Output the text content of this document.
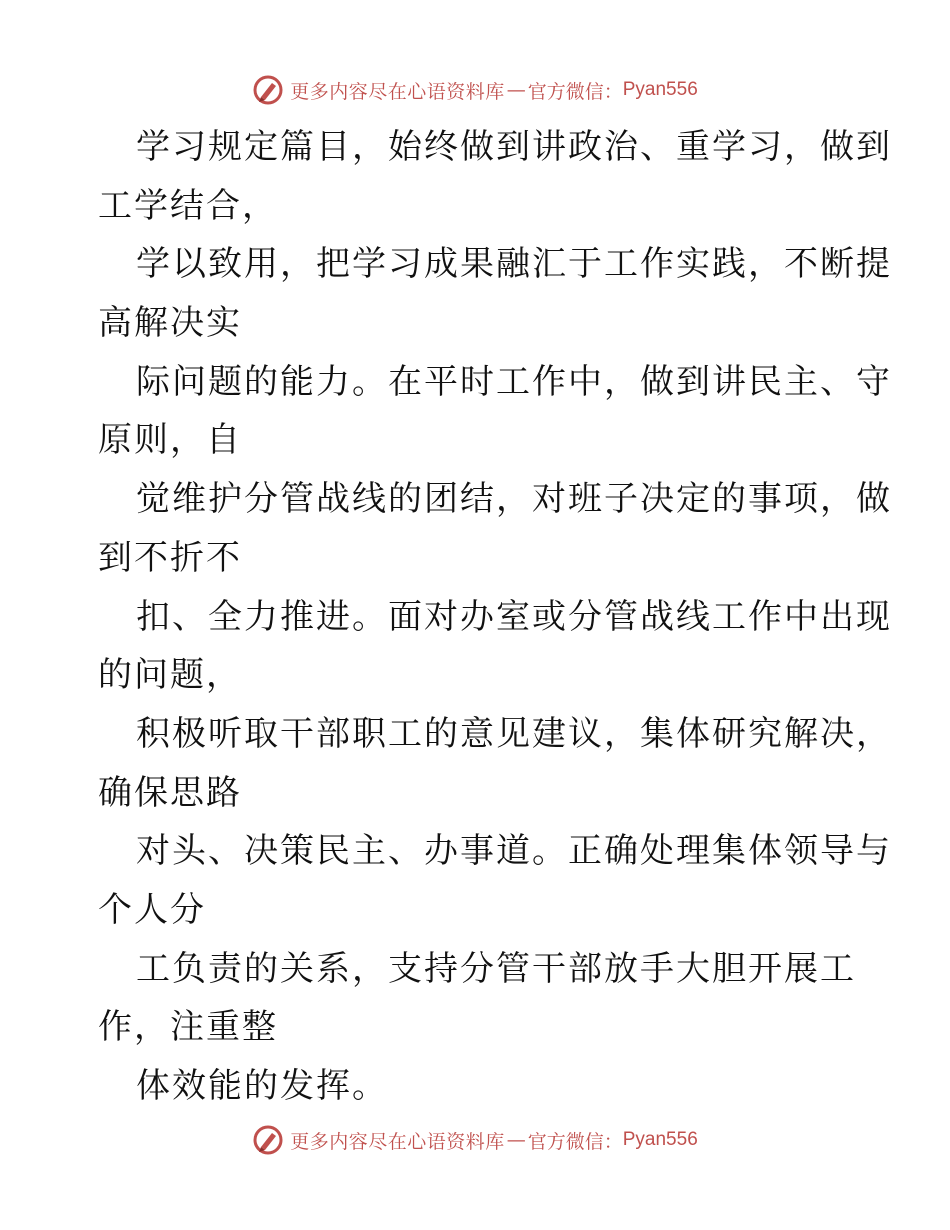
更多内容尽在心语资料库 — 官方微信： Pyan556
学习规定篇目，始终做到讲政治、重学习，做到
工学结合，
学以致用，把学习成果融汇于工作实践，不断提
高解决实
际问题的能力。在平时工作中，做到讲民主、守
原则，自
觉维护分管战线的团结，对班子决定的事项，做
到不折不
扣、全力推进。面对办室或分管战线工作中出现
的问题，
积极听取干部职工的意见建议，集体研究解决，
确保思路
对头、决策民主、办事道。正确处理集体领导与
个人分
工负责的关系，支持分管干部放手大胆开展工
作，注重整
体效能的发挥。
更多内容尽在心语资料库 — 官方微信： Pyan556
